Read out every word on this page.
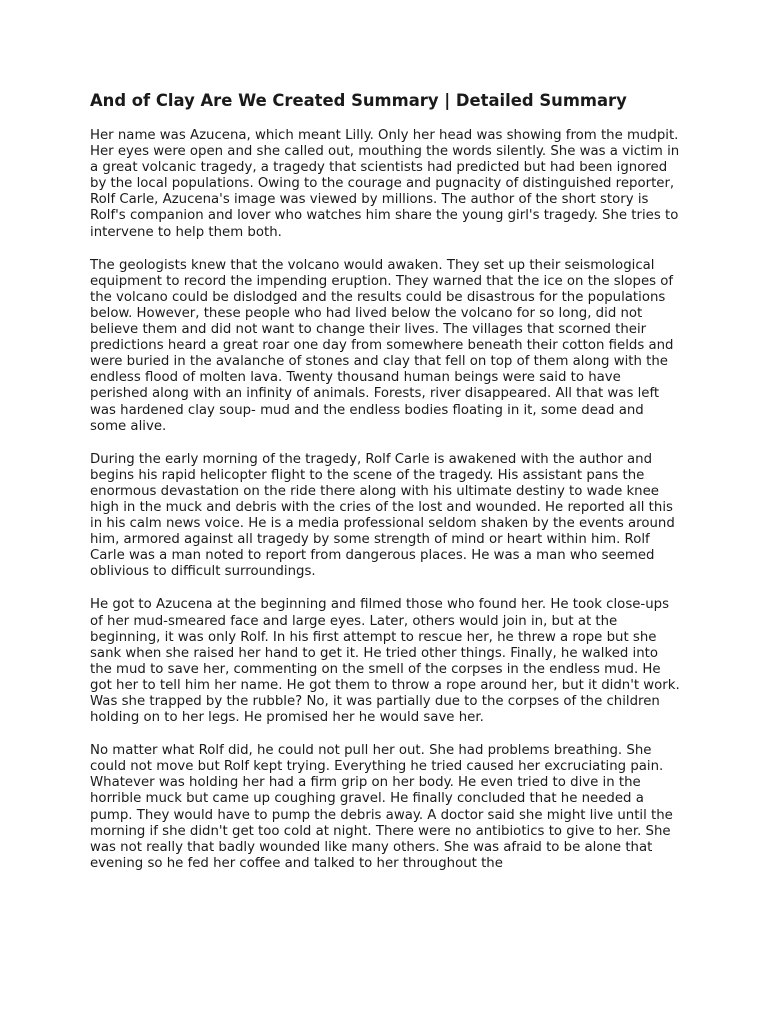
And of Clay Are We Created Summary | Detailed Summary

Her name was Azucena, which meant Lilly. Only her head was showing from the mudpit. Her eyes were open and she called out, mouthing the words silently. She was a victim in a great volcanic tragedy, a tragedy that scientists had predicted but had been ignored by the local populations. Owing to the courage and pugnacity of distinguished reporter, Rolf Carle, Azucena's image was viewed by millions. The author of the short story is Rolf's companion and lover who watches him share the young girl's tragedy. She tries to intervene to help them both.

The geologists knew that the volcano would awaken. They set up their seismological equipment to record the impending eruption. They warned that the ice on the slopes of the volcano could be dislodged and the results could be disastrous for the populations below. However, these people who had lived below the volcano for so long, did not believe them and did not want to change their lives. The villages that scorned their predictions heard a great roar one day from somewhere beneath their cotton fields and were buried in the avalanche of stones and clay that fell on top of them along with the endless flood of molten lava. Twenty thousand human beings were said to have perished along with an infinity of animals. Forests, river disappeared. All that was left was hardened clay soup- mud and the endless bodies floating in it, some dead and some alive.

During the early morning of the tragedy, Rolf Carle is awakened with the author and begins his rapid helicopter flight to the scene of the tragedy. His assistant pans the enormous devastation on the ride there along with his ultimate destiny to wade knee high in the muck and debris with the cries of the lost and wounded. He reported all this in his calm news voice. He is a media professional seldom shaken by the events around him, armored against all tragedy by some strength of mind or heart within him. Rolf Carle was a man noted to report from dangerous places. He was a man who seemed oblivious to difficult surroundings.

He got to Azucena at the beginning and filmed those who found her. He took close-ups of her mud-smeared face and large eyes. Later, others would join in, but at the beginning, it was only Rolf. In his first attempt to rescue her, he threw a rope but she sank when she raised her hand to get it. He tried other things. Finally, he walked into the mud to save her, commenting on the smell of the corpses in the endless mud. He got her to tell him her name. He got them to throw a rope around her, but it didn't work. Was she trapped by the rubble? No, it was partially due to the corpses of the children holding on to her legs. He promised her he would save her.

No matter what Rolf did, he could not pull her out. She had problems breathing. She could not move but Rolf kept trying. Everything he tried caused her excruciating pain. Whatever was holding her had a firm grip on her body. He even tried to dive in the horrible muck but came up coughing gravel. He finally concluded that he needed a pump. They would have to pump the debris away. A doctor said she might live until the morning if she didn't get too cold at night. There were no antibiotics to give to her. She was not really that badly wounded like many others. She was afraid to be alone that evening so he fed her coffee and talked to her throughout the
